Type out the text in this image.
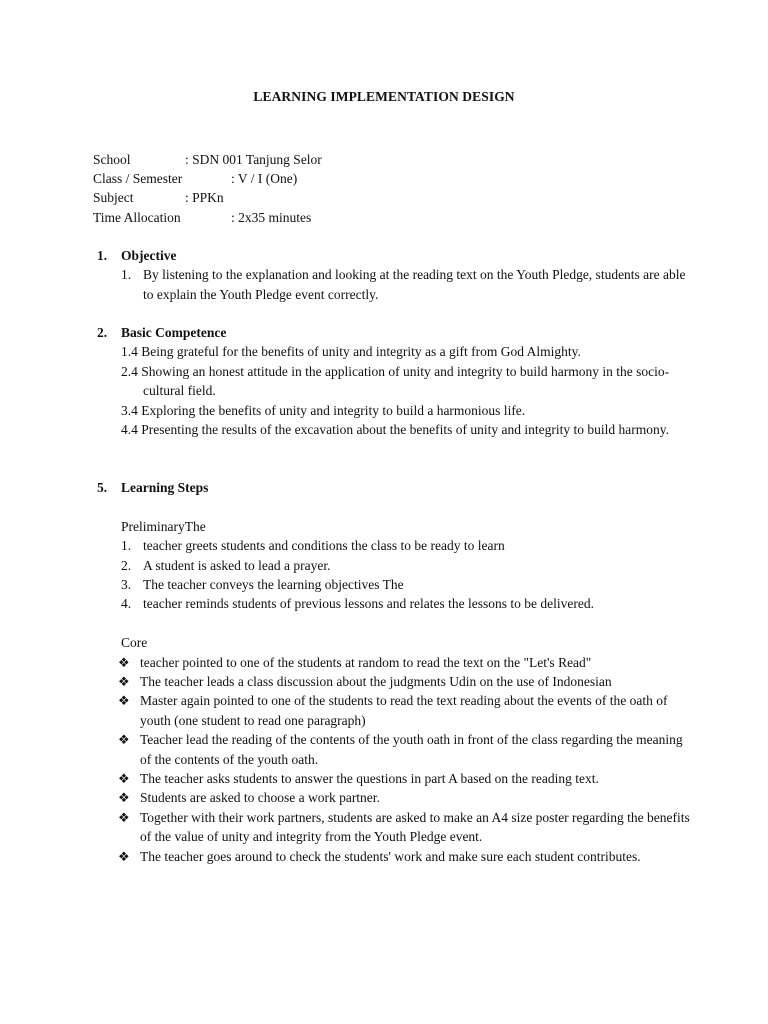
LEARNING IMPLEMENTATION DESIGN
School	: SDN 001 Tanjung Selor
Class / Semester	: V / I (One)
Subject	: PPKn
Time Allocation	: 2x35 minutes
1. Objective
1. By listening to the explanation and looking at the reading text on the Youth Pledge, students are able to explain the Youth Pledge event correctly.
2. Basic Competence
1.4 Being grateful for the benefits of unity and integrity as a gift from God Almighty.
2.4 Showing an honest attitude in the application of unity and integrity to build harmony in the socio-cultural field.
3.4 Exploring the benefits of unity and integrity to build a harmonious life.
4.4 Presenting the results of the excavation about the benefits of unity and integrity to build harmony.
5. Learning Steps
PreliminaryThe
1. teacher greets students and conditions the class to be ready to learn
2. A student is asked to lead a prayer.
3. The teacher conveys the learning objectives The
4. teacher reminds students of previous lessons and relates the lessons to be delivered.
Core
❖ teacher pointed to one of the students at random to read the text on the "Let's Read"
❖ The teacher leads a class discussion about the judgments Udin on the use of Indonesian
❖ Master again pointed to one of the students to read the text reading about the events of the oath of youth (one student to read one paragraph)
❖ Teacher lead the reading of the contents of the youth oath in front of the class regarding the meaning of the contents of the youth oath.
❖ The teacher asks students to answer the questions in part A based on the reading text.
❖ Students are asked to choose a work partner.
❖ Together with their work partners, students are asked to make an A4 size poster regarding the benefits of the value of unity and integrity from the Youth Pledge event.
❖ The teacher goes around to check the students' work and make sure each student contributes.
